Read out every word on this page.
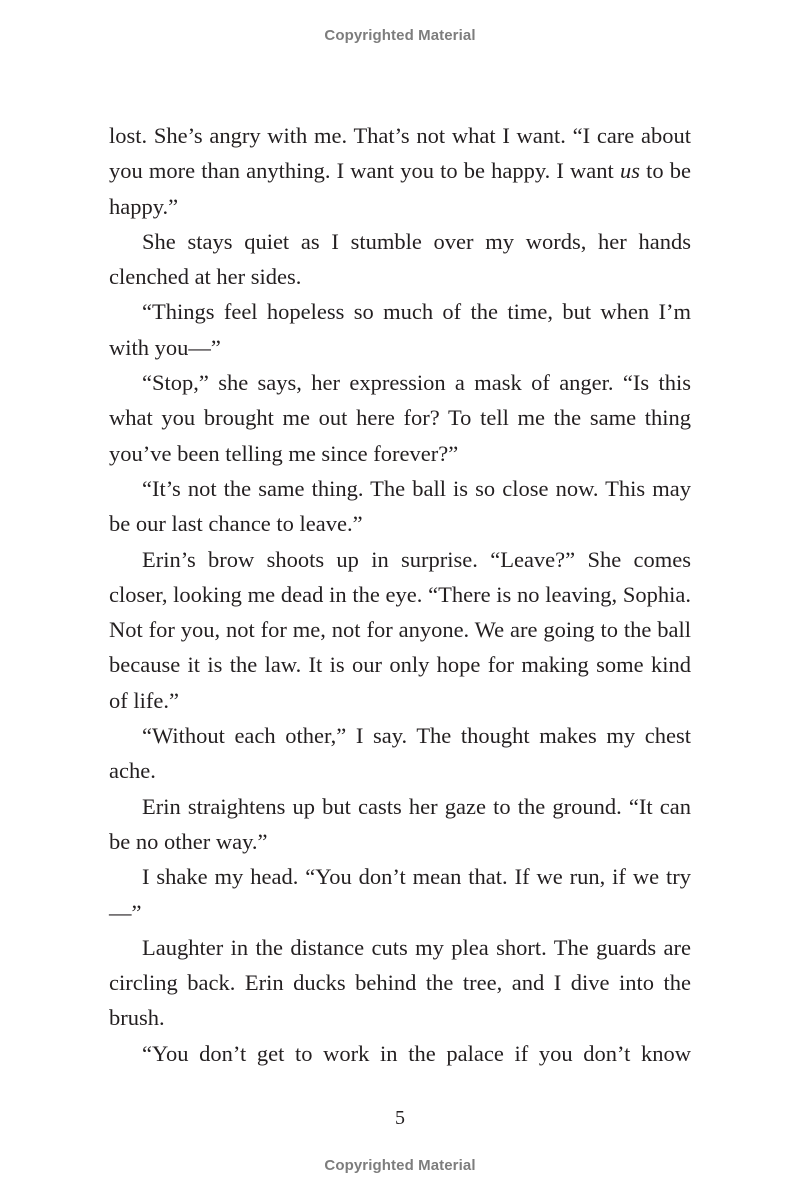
Copyrighted Material

lost. She’s angry with me. That’s not what I want. “I care about you more than anything. I want you to be happy. I want us to be happy.”

She stays quiet as I stumble over my words, her hands clenched at her sides.

“Things feel hopeless so much of the time, but when I’m with you—”

“Stop,” she says, her expression a mask of anger. “Is this what you brought me out here for? To tell me the same thing you’ve been telling me since forever?”

“It’s not the same thing. The ball is so close now. This may be our last chance to leave.”

Erin’s brow shoots up in surprise. “Leave?” She comes closer, looking me dead in the eye. “There is no leaving, Sophia. Not for you, not for me, not for anyone. We are going to the ball because it is the law. It is our only hope for making some kind of life.”

“Without each other,” I say. The thought makes my chest ache.

Erin straightens up but casts her gaze to the ground. “It can be no other way.”

I shake my head. “You don’t mean that. If we run, if we try—”

Laughter in the distance cuts my plea short. The guards are circling back. Erin ducks behind the tree, and I dive into the brush.

“You don’t get to work in the palace if you don’t know

5
Copyrighted Material
